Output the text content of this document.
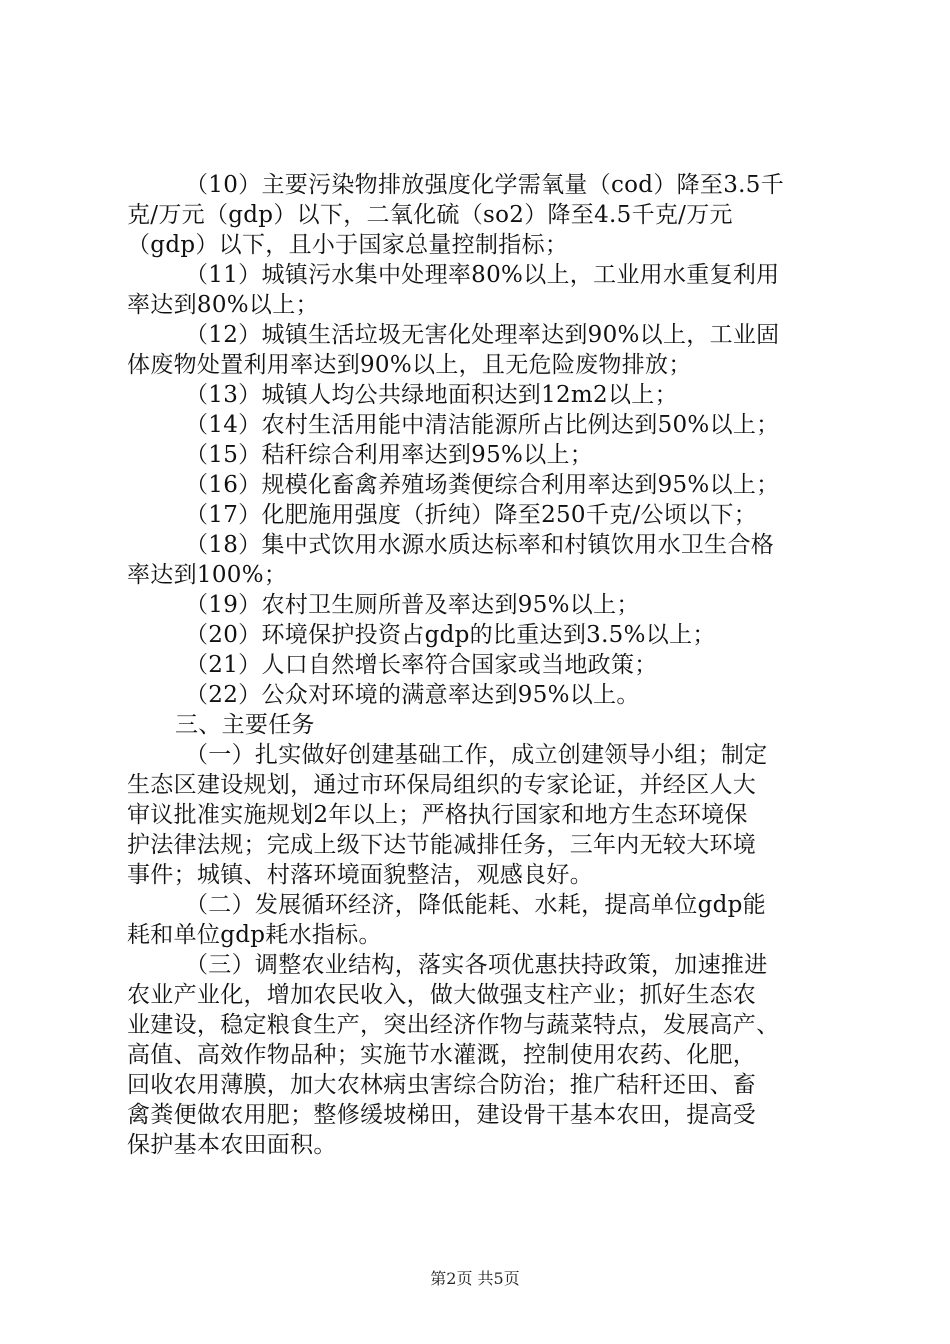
（10）主要污染物排放强度化学需氧量（cod）降至3.5千
克/万元（gdp）以下，二氧化硫（so2）降至4.5千克/万元
（gdp）以下，且小于国家总量控制指标；
（11）城镇污水集中处理率80%以上，工业用水重复利用
率达到80%以上；
（12）城镇生活垃圾无害化处理率达到90%以上，工业固
体废物处置利用率达到90%以上，且无危险废物排放；
（13）城镇人均公共绿地面积达到12m2以上；
（14）农村生活用能中清洁能源所占比例达到50%以上；
（15）秸秆综合利用率达到95%以上；
（16）规模化畜禽养殖场粪便综合利用率达到95%以上；
（17）化肥施用强度（折纯）降至250千克/公顷以下；
（18）集中式饮用水源水质达标率和村镇饮用水卫生合格
率达到100%；
（19）农村卫生厕所普及率达到95%以上；
（20）环境保护投资占gdp的比重达到3.5%以上；
（21）人口自然增长率符合国家或当地政策；
（22）公众对环境的满意率达到95%以上。
三、主要任务
（一）扎实做好创建基础工作，成立创建领导小组；制定
生态区建设规划，通过市环保局组织的专家论证，并经区人大
审议批准实施规划2年以上；严格执行国家和地方生态环境保
护法律法规；完成上级下达节能减排任务，三年内无较大环境
事件；城镇、村落环境面貌整洁，观感良好。
（二）发展循环经济，降低能耗、水耗，提高单位gdp能
耗和单位gdp耗水指标。
（三）调整农业结构，落实各项优惠扶持政策，加速推进
农业产业化，增加农民收入，做大做强支柱产业；抓好生态农
业建设，稳定粮食生产，突出经济作物与蔬菜特点，发展高产、
高值、高效作物品种；实施节水灌溉，控制使用农药、化肥，
回收农用薄膜，加大农林病虫害综合防治；推广秸秆还田、畜
禽粪便做农用肥；整修缓坡梯田，建设骨干基本农田，提高受
保护基本农田面积。
第2页 共5页
